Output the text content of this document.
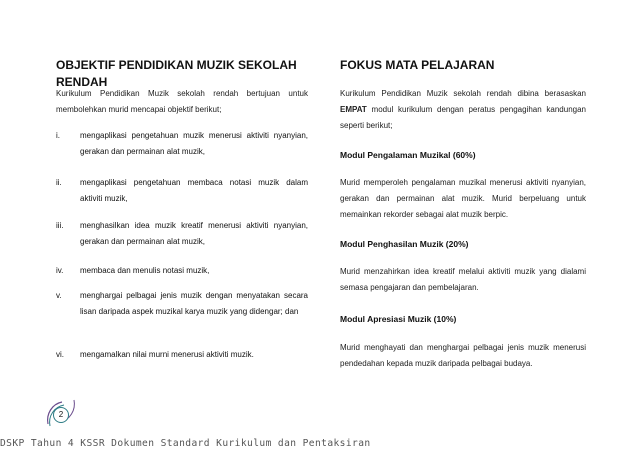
OBJEKTIF PENDIDIKAN MUZIK SEKOLAH RENDAH

Kurikulum Pendidikan Muzik sekolah rendah bertujuan untuk membolehkan murid mencapai objektif berikut;

i.	mengaplikasi pengetahuan muzik menerusi aktiviti nyanyian, gerakan dan permainan alat muzik,
ii.	mengaplikasi pengetahuan membaca notasi muzik dalam aktiviti muzik,
iii.	menghasilkan idea muzik kreatif menerusi aktiviti nyanyian, gerakan dan permainan alat muzik,
iv.	membaca dan menulis notasi muzik,
v.	menghargai pelbagai jenis muzik dengan menyatakan secara lisan daripada aspek muzikal karya muzik yang didengar; dan
vi.	mengamalkan nilai murni menerusi aktiviti muzik.
FOKUS MATA PELAJARAN

Kurikulum Pendidikan Muzik sekolah rendah dibina berasaskan EMPAT modul kurikulum dengan peratus pengagihan kandungan seperti berikut;

Modul Pengalaman Muzikal (60%)

Murid memperoleh pengalaman muzikal menerusi aktiviti nyanyian, gerakan dan permainan alat muzik. Murid berpeluang untuk memainkan rekorder sebagai alat muzik berpic.

Modul Penghasilan Muzik (20%)

Murid menzahirkan idea kreatif melalui aktiviti muzik yang dialami semasa pengajaran dan pembelajaran.

Modul Apresiasi Muzik (10%)

Murid menghayati dan menghargai pelbagai jenis muzik menerusi pendedahan kepada muzik daripada pelbagai budaya.

2
DSKP Tahun 4 KSSR Dokumen Standard Kurikulum dan Pentaksiran
